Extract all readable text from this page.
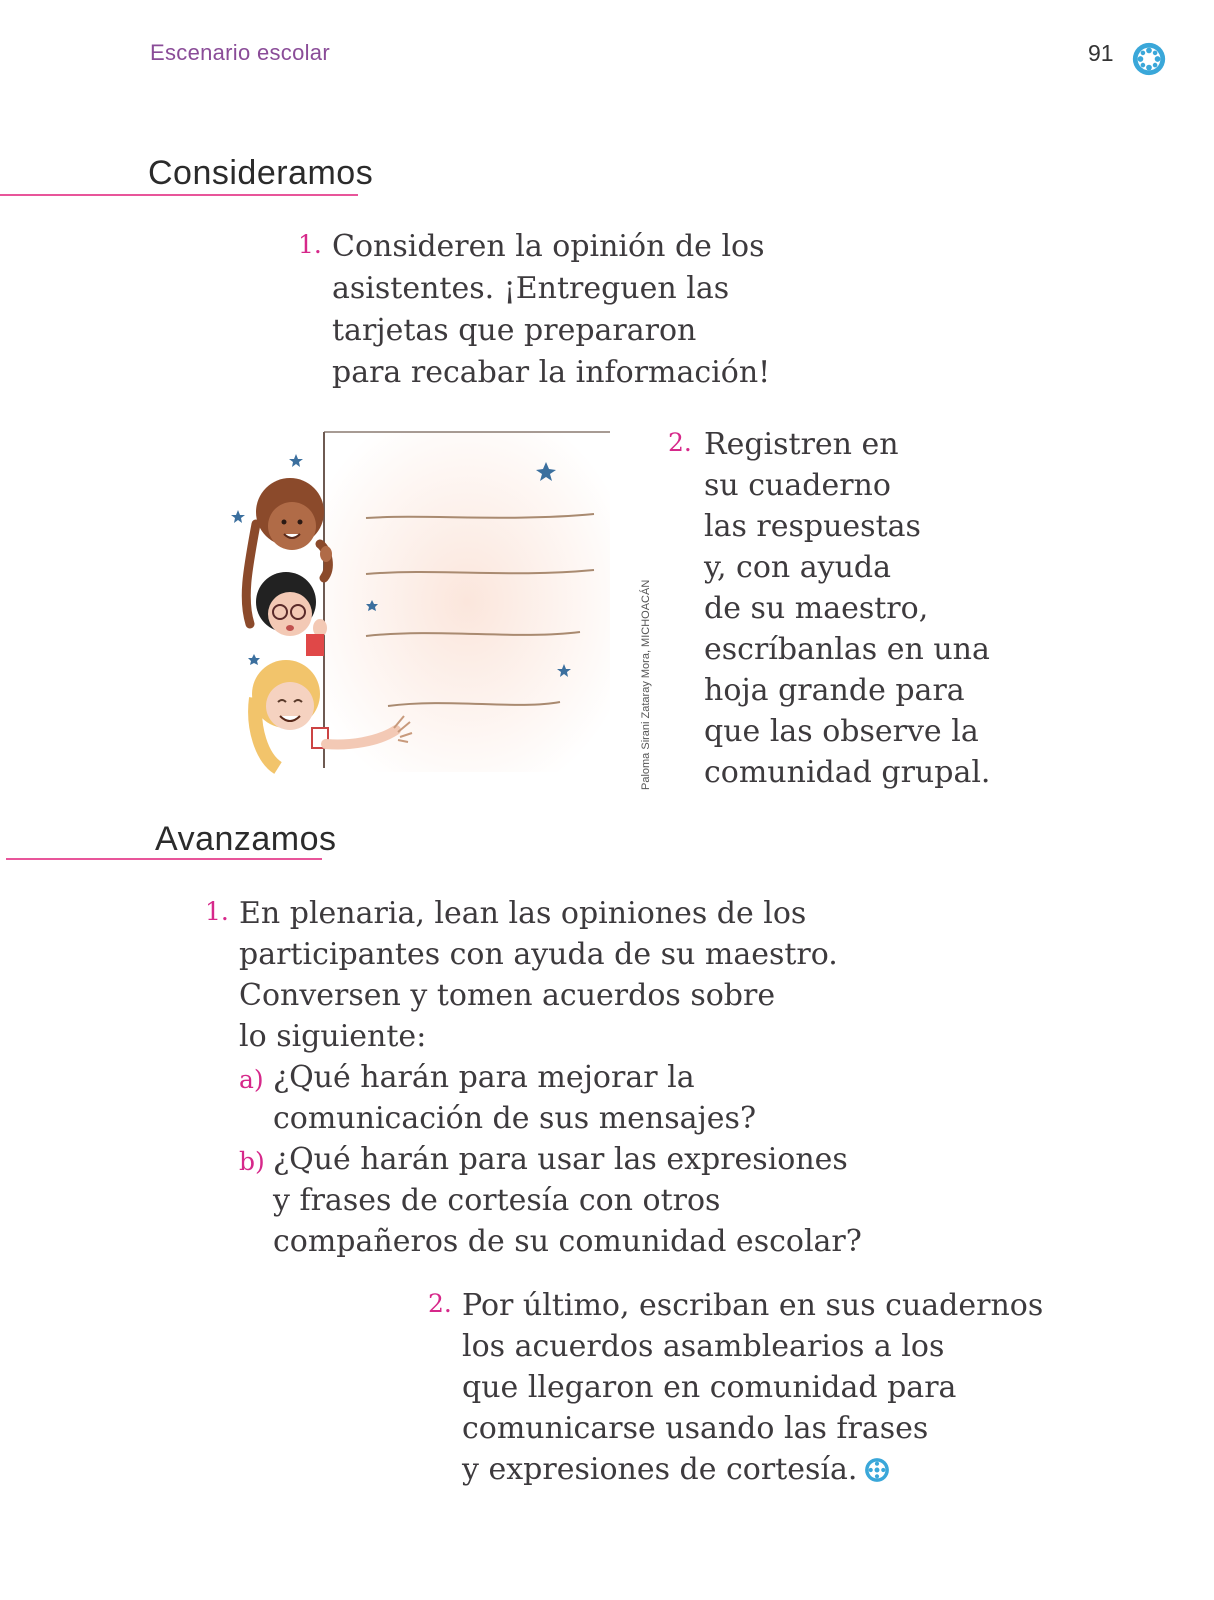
Escenario escolar	91
Consideramos
1. Consideren la opinión de los
asistentes. ¡Entreguen las
tarjetas que prepararon
para recabar la información!
Paloma Sirani Zataray Mora, MICHOACÁN
2. Registren en
su cuaderno
las respuestas
y, con ayuda
de su maestro,
escríbanlas en una
hoja grande para
que las observe la
comunidad grupal.
Avanzamos
1. En plenaria, lean las opiniones de los
participantes con ayuda de su maestro.
Conversen y tomen acuerdos sobre
lo siguiente:
a) ¿Qué harán para mejorar la
comunicación de sus mensajes?
b) ¿Qué harán para usar las expresiones
y frases de cortesía con otros
compañeros de su comunidad escolar?
2. Por último, escriban en sus cuadernos
los acuerdos asamblearios a los
que llegaron en comunidad para
comunicarse usando las frases
y expresiones de cortesía.
